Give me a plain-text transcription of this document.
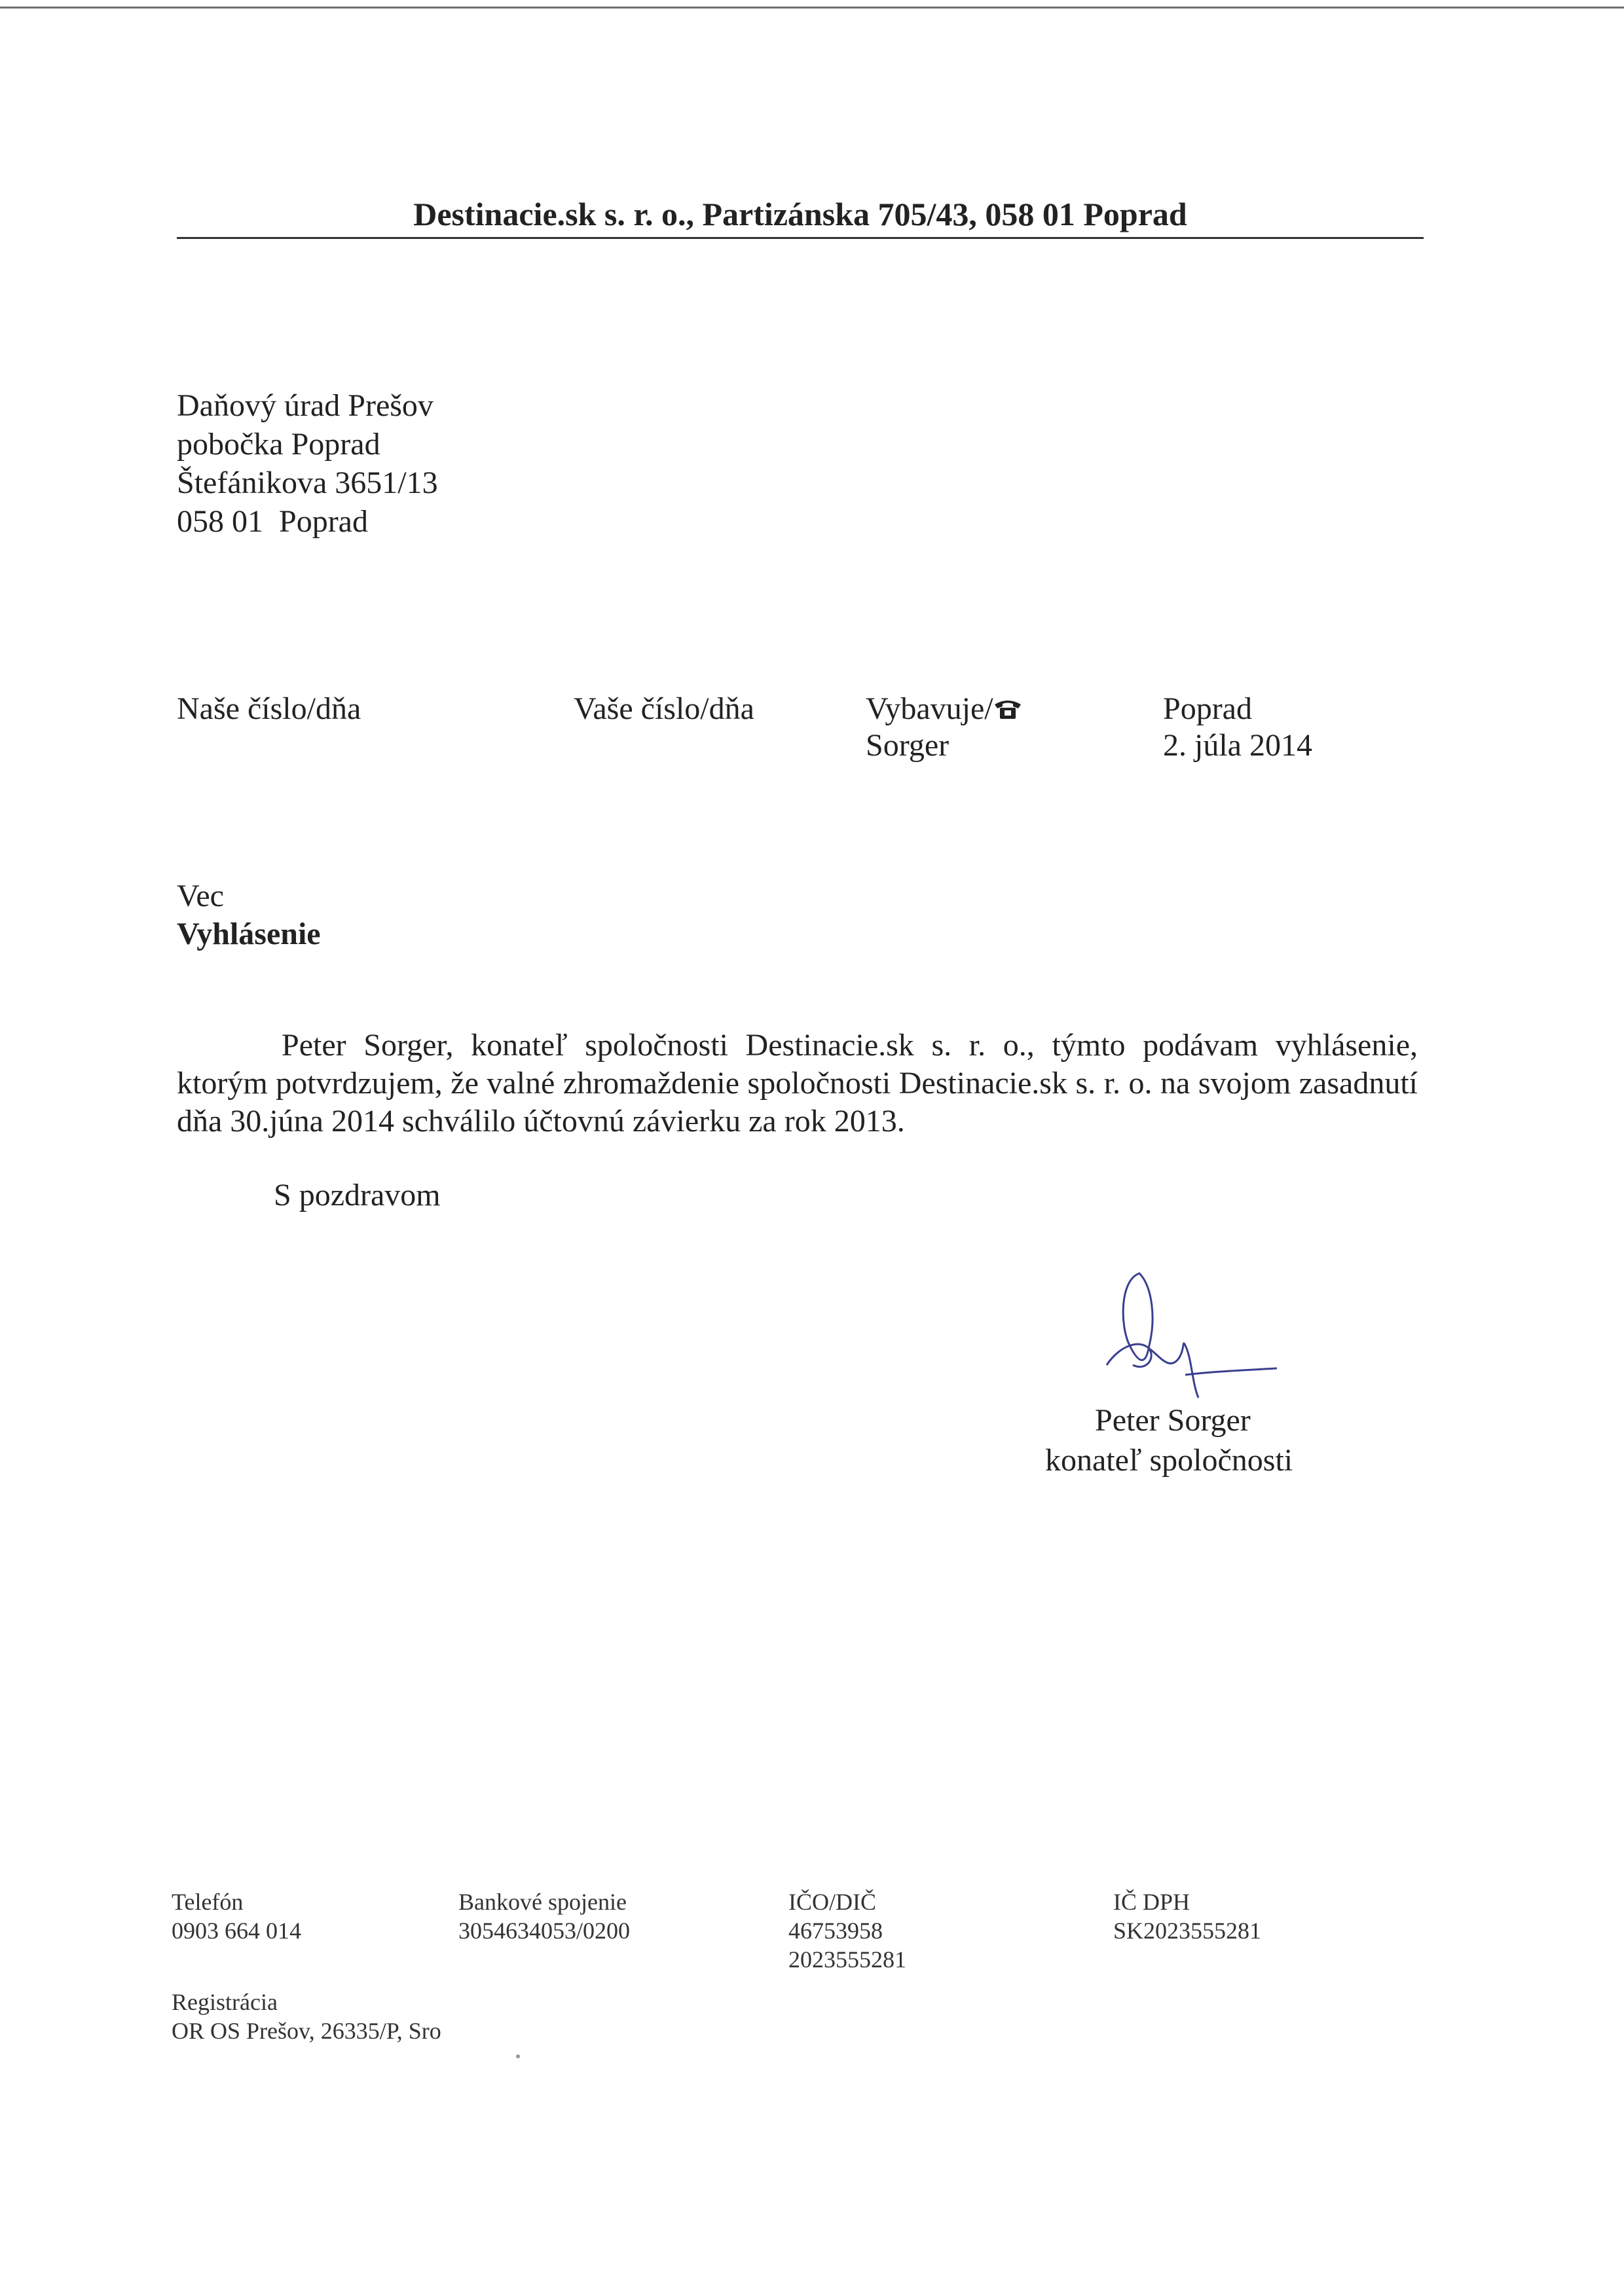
Destinacie.sk s. r. o., Partizánska 705/43, 058 01 Poprad
Daňový úrad Prešov
pobočka Poprad
Štefánikova 3651/13
058 01  Poprad
Naše číslo/dňa	Vaše číslo/dňa	Vybavuje/
Sorger
Poprad
2. júla 2014
Vec
Vyhlásenie
Peter Sorger, konateľ spoločnosti Destinacie.sk s. r. o., týmto podávam vyhlásenie, ktorým potvrdzujem, že valné zhromaždenie spoločnosti Destinacie.sk s. r. o. na svojom zasadnutí dňa 30.júna 2014 schválilo účtovnú závierku za rok 2013.
S pozdravom
Peter Sorger
konateľ spoločnosti
Telefón
0903 664 014
Bankové spojenie
3054634053/0200
IČO/DIČ
46753958
2023555281
IČ DPH
SK2023555281
Registrácia
OR OS Prešov, 26335/P, Sro
